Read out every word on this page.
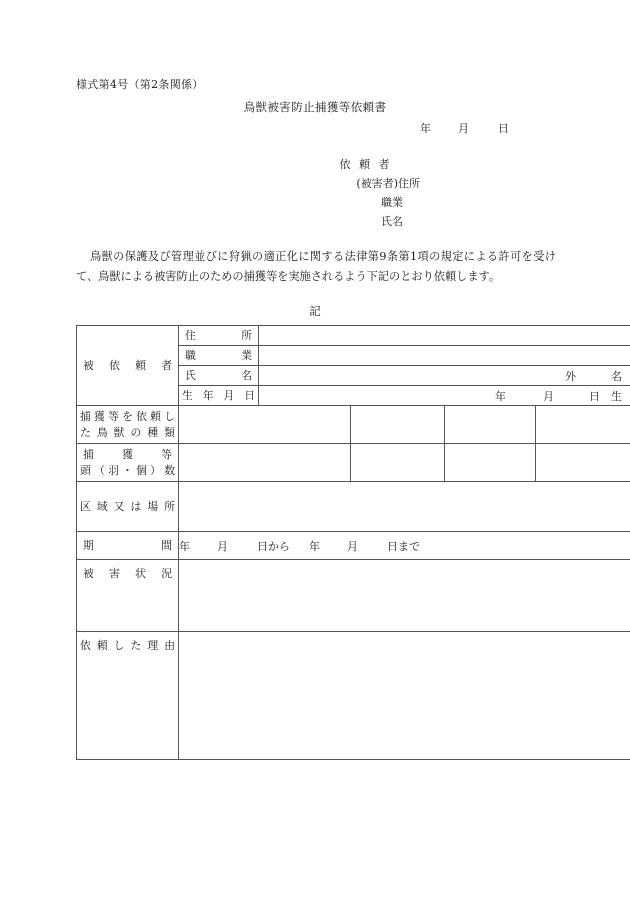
様式第4号（第2条関係）
鳥獣被害防止捕獲等依頼書
年 月	日
依 頼 者
(被害者)住所
職業
氏名

鳥獣の保護及び管理並びに狩猟の適正化に関する法律第9条第1項の規定による許可を受けて、鳥獣による被害防止のための捕獲等を実施されるよう下記のとおり依頼します。

記
被依頼者	住所				

	職業				

	氏名	外 名			

	生年月日	年 月 日 生			

捕獲等を依頼し
た鳥獣の種類					

捕獲等
頭（羽・個）数					

区域又は場所					

期間	年 月 日から 年 月 日まで				

被害状況					

依頼した理由					
